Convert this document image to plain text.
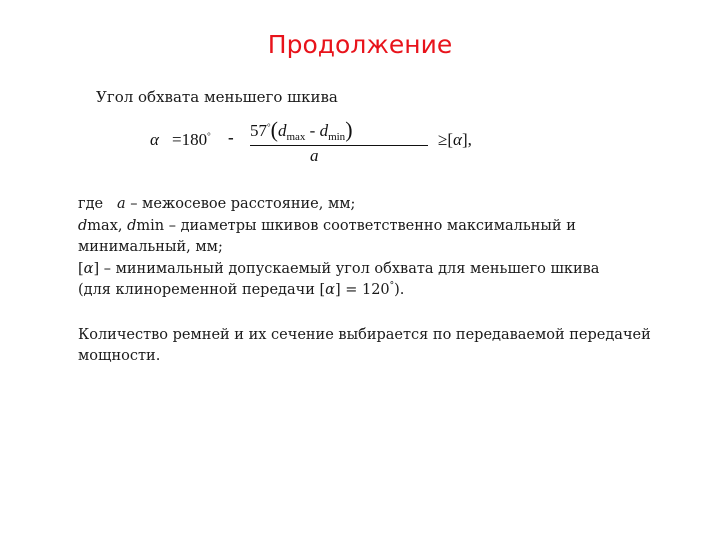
Продолжение
Угол обхвата меньшего шкива
$\alpha =180^\circ - 57^\circ(d_{max} - d_{min})$
a
≥[α],

где a – межосевое расстояние, мм;

dmax, dmin – диаметры шкивов соответственно максимальный и минимальный, мм;

[α] – минимальный допускаемый угол обхвата для меньшего шкива

(для клиноременной передачи [α] = 120°).

Количество ремней и их сечение выбирается по передаваемой передачей мощности.
